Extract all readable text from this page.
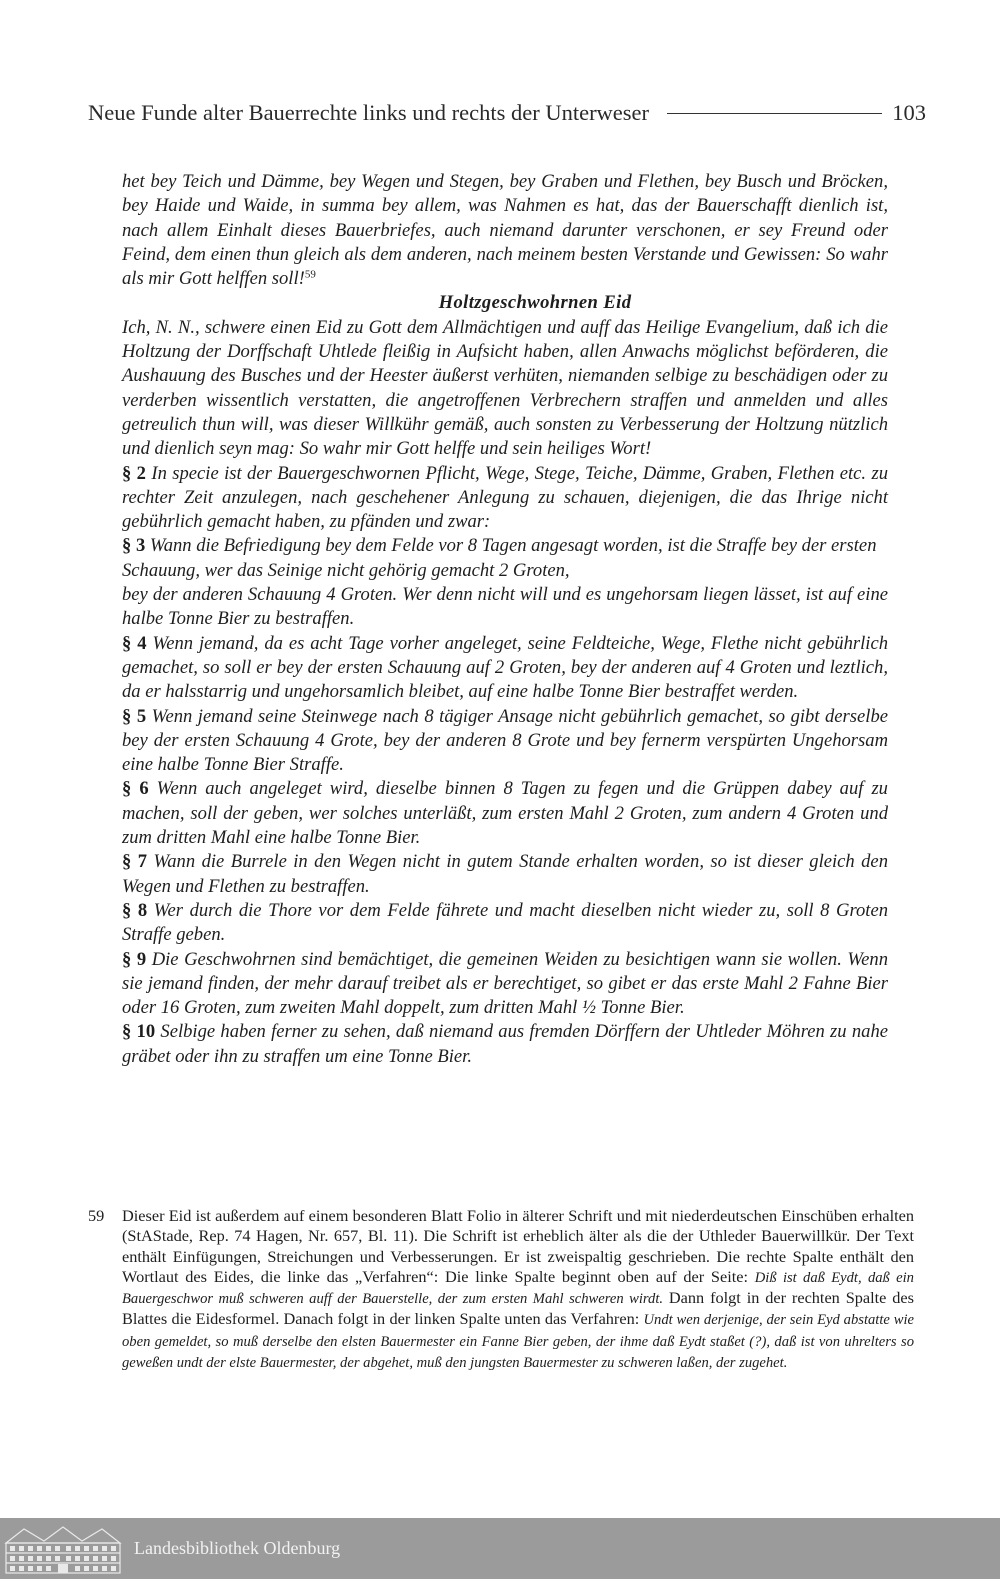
Neue Funde alter Bauerrechte links und rechts der Unterweser	103

het bey Teich und Dämme, bey Wegen und Stegen, bey Graben und Flethen, bey Busch und Bröcken, bey Haide und Waide, in summa bey allem, was Nahmen es hat, das der Bauerschafft dienlich ist, nach allem Einhalt dieses Bauerbriefes, auch niemand darunter verschonen, er sey Freund oder Feind, dem einen thun gleich als dem anderen, nach meinem besten Verstande und Gewissen: So wahr als mir Gott helffen soll!$^{59}$

Holtzgeschwohrnen Eid

Ich, N. N., schwere einen Eid zu Gott dem Allmächtigen und auff das Heilige Evangelium, daß ich die Holtzung der Dorffschaft Uhtlede fleißig in Aufsicht haben, allen Anwachs möglichst beförderen, die Aushauung des Busches und der Heester äußerst verhüten, niemanden selbige zu beschädigen oder zu verderben wissentlich verstatten, die angetroffenen Verbrechern straffen und anmelden und alles getreulich thun will, was dieser Willkühr gemäß, auch sonsten zu Verbesserung der Holtzung nützlich und dienlich seyn mag: So wahr mir Gott helffe und sein heiliges Wort!

§ 2 In specie ist der Bauergeschwornen Pflicht, Wege, Stege, Teiche, Dämme, Graben, Flethen etc. zu rechter Zeit anzulegen, nach geschehener Anlegung zu schauen, diejenigen, die das Ihrige nicht gebührlich gemacht haben, zu pfänden und zwar:

§ 3 Wann die Befriedigung bey dem Felde vor 8 Tagen angesagt worden, ist die Straffe bey der ersten Schauung, wer das Seinige nicht gehörig gemacht 2 Groten,

bey der anderen Schauung 4 Groten. Wer denn nicht will und es ungehorsam liegen lässet, ist auf eine halbe Tonne Bier zu bestraffen.

§ 4 Wenn jemand, da es acht Tage vorher angeleget, seine Feldteiche, Wege, Flethe nicht gebührlich gemachet, so soll er bey der ersten Schauung auf 2 Groten, bey der anderen auf 4 Groten und leztlich, da er halsstarrig und ungehorsamlich bleibet, auf eine halbe Tonne Bier bestraffet werden.

§ 5 Wenn jemand seine Steinwege nach 8 tägiger Ansage nicht gebührlich gemachet, so gibt derselbe bey der ersten Schauung 4 Grote, bey der anderen 8 Grote und bey fernerm verspürten Ungehorsam eine halbe Tonne Bier Straffe.

§ 6 Wenn auch angeleget wird, dieselbe binnen 8 Tagen zu fegen und die Grüppen dabey auf zu machen, soll der geben, wer solches unterläßt, zum ersten Mahl 2 Groten, zum andern 4 Groten und zum dritten Mahl eine halbe Tonne Bier.

§ 7 Wann die Burrele in den Wegen nicht in gutem Stande erhalten worden, so ist dieser gleich den Wegen und Flethen zu bestraffen.

§ 8 Wer durch die Thore vor dem Felde fährete und macht dieselben nicht wieder zu, soll 8 Groten Straffe geben.

§ 9 Die Geschwohrnen sind bemächtiget, die gemeinen Weiden zu besichtigen wann sie wollen. Wenn sie jemand finden, der mehr darauf treibet als er berechtiget, so gibet er das erste Mahl 2 Fahne Bier oder 16 Groten, zum zweiten Mahl doppelt, zum dritten Mahl ½ Tonne Bier.

§ 10 Selbige haben ferner zu sehen, daß niemand aus fremden Dörffern der Uhtleder Möhren zu nahe gräbet oder ihn zu straffen um eine Tonne Bier.

59	Dieser Eid ist außerdem auf einem besonderen Blatt Folio in älterer Schrift und mit niederdeutschen Einschüben erhalten (StAStade, Rep. 74 Hagen, Nr. 657, Bl. 11). Die Schrift ist erheblich älter als die der Uthleder Bauerwillkür. Der Text enthält Einfügungen, Streichungen und Verbesserungen. Er ist zweispaltig geschrieben. Die rechte Spalte enthält den Wortlaut des Eides, die linke das „Verfahren“: Die linke Spalte beginnt oben auf der Seite: Diß ist daß Eydt, daß ein Bauergeschwor muß schweren auff der Bauerstelle, der zum ersten Mahl schweren wirdt. Dann folgt in der rechten Spalte des Blattes die Eidesformel. Danach folgt in der linken Spalte unten das Verfahren: Undt wen derjenige, der sein Eyd abstatte wie oben gemeldet, so muß derselbe den elsten Bauermester ein Fanne Bier geben, der ihme daß Eydt staßet (?), daß ist von uhrelters so geweßen undt der elste Bauermester, der abgehet, muß den jungsten Bauermester zu schweren laßen, der zugehet.
Landesbibliothek Oldenburg
